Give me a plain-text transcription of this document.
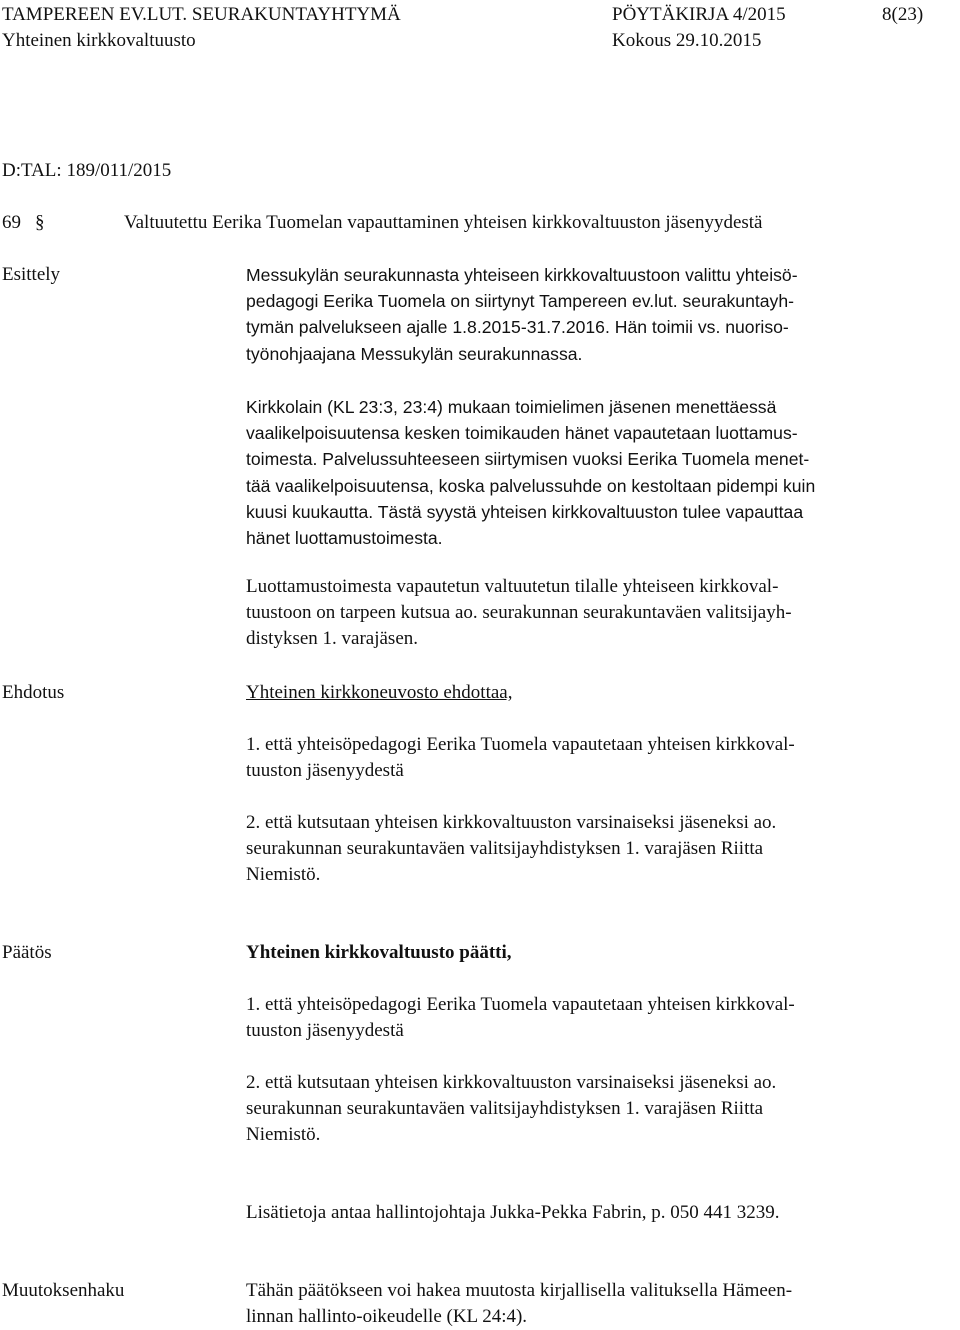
TAMPEREEN EV.LUT. SEURAKUNTAYHTYMÄ	PÖYTÄKIRJA 4/2015	8(23)
Yhteinen kirkkovaltuusto	Kokous 29.10.2015
D:TAL: 189/011/2015
69 §	Valtuutettu Eerika Tuomelan vapauttaminen yhteisen kirkkovaltuuston jäsenyydestä
Esittely	Messukylän seurakunnasta yhteiseen kirkkovaltuustoon valittu yhteisö-
pedagogi Eerika Tuomela on siirtynyt Tampereen ev.lut. seurakuntayh-
tymän palvelukseen ajalle 1.8.2015-31.7.2016. Hän toimii vs. nuoriso-
työnohjaajana Messukylän seurakunnassa.
Kirkkolain (KL 23:3, 23:4) mukaan toimielimen jäsenen menettäessä
vaalikelpoisuutensa kesken toimikauden hänet vapautetaan luottamus-
toimesta. Palvelussuhteeseen siirtymisen vuoksi Eerika Tuomela menet-
tää vaalikelpoisuutensa, koska palvelussuhde on kestoltaan pidempi kuin
kuusi kuukautta. Tästä syystä yhteisen kirkkovaltuuston tulee vapauttaa
hänet luottamustoimesta.
Luottamustoimesta vapautetun valtuutetun tilalle yhteiseen kirkkoval-
tuustoon on tarpeen kutsua ao. seurakunnan seurakuntaväen valitsijayh-
distyksen 1. varajäsen.
Ehdotus	Yhteinen kirkkoneuvosto ehdottaa,
1. että yhteisöpedagogi Eerika Tuomela vapautetaan yhteisen kirkkoval-
tuuston jäsenyydestä
2. että kutsutaan yhteisen kirkkovaltuuston varsinaiseksi jäseneksi ao.
seurakunnan seurakuntaväen valitsijayhdistyksen 1. varajäsen Riitta
Niemistö.
Päätös	Yhteinen kirkkovaltuusto päätti,
1. että yhteisöpedagogi Eerika Tuomela vapautetaan yhteisen kirkkoval-
tuuston jäsenyydestä
2. että kutsutaan yhteisen kirkkovaltuuston varsinaiseksi jäseneksi ao.
seurakunnan seurakuntaväen valitsijayhdistyksen 1. varajäsen Riitta
Niemistö.
Lisätietoja antaa hallintojohtaja Jukka-Pekka Fabrin, p. 050 441 3239.
Muutoksenhaku	Tähän päätökseen voi hakea muutosta kirjallisella valituksella Hämeen-
linnan hallinto-oikeudelle (KL 24:4).
